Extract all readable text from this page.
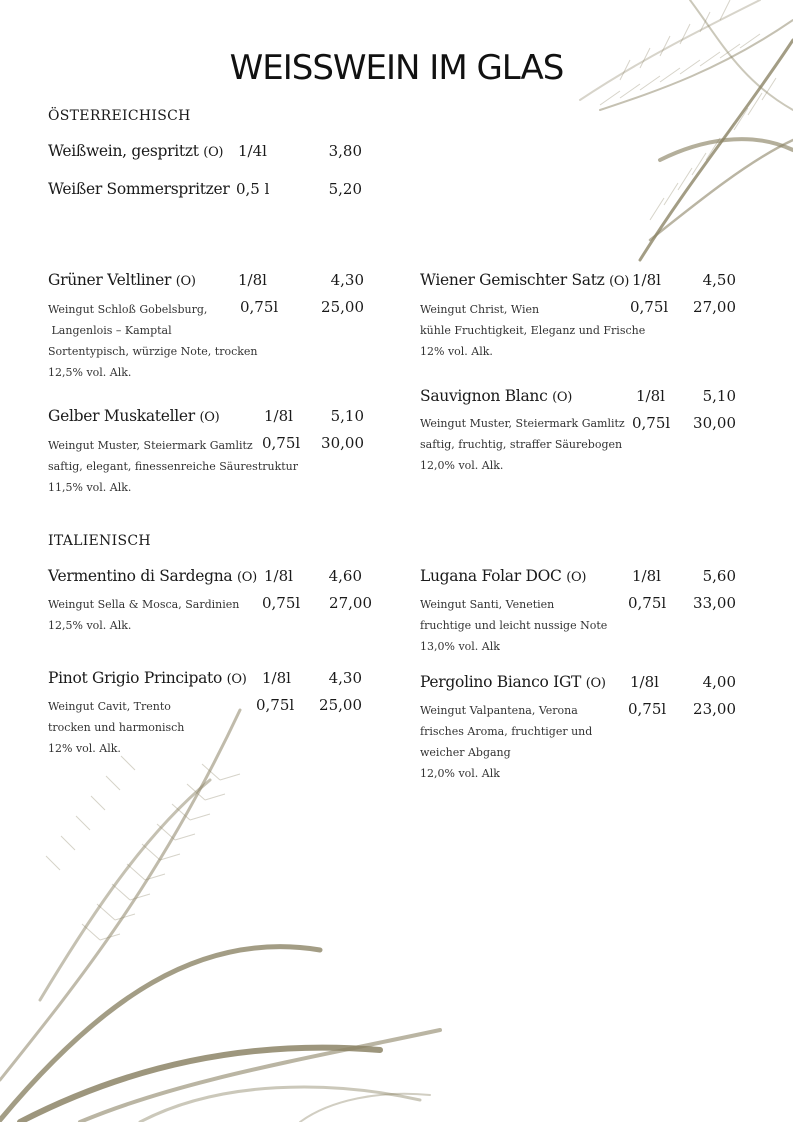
WEISSWEIN IM GLAS
ÖSTERREICHISCH
Weißwein, gespritzt (O) 1/4l	3,80
Weißer Sommerspritzer 0,5 l	5,20
Grüner Veltliner (O)	1/8l	4,30
0,75l	25,00
Weingut Schloß Gobelsburg,
Langenlois – Kamptal
Sortentypisch, würzige Note, trocken
12,5% vol. Alk.
Wiener Gemischter Satz (O) 1/8l	4,50
0,75l	27,00
Weingut Christ, Wien
kühle Fruchtigkeit, Eleganz und Frische
12% vol. Alk.
Sauvignon Blanc (O)	1/8l	5,10
0,75l	30,00
Weingut Muster, Steiermark Gamlitz
saftig, fruchtig, straffer Säurebogen
12,0% vol. Alk.
Gelber Muskateller (O)	1/8l	5,10
0,75l	30,00
Weingut Muster, Steiermark Gamlitz
saftig, elegant, finessenreiche Säurestruktur
11,5% vol. Alk.
ITALIENISCH
Vermentino di Sardegna (O) 1/8l	4,60
0,75l	27,00
Weingut Sella & Mosca, Sardinien
12,5% vol. Alk.
Lugana Folar DOC (O)	1/8l	5,60
0,75l	33,00
Weingut Santi, Venetien
fruchtige und leicht nussige Note
13,0% vol. Alk
Pinot Grigio Principato (O) 1/8l	4,30
0,75l	25,00
Weingut Cavit, Trento
trocken und harmonisch
12% vol. Alk.
Pergolino Bianco IGT (O) 1/8l	4,00
0,75l	23,00
Weingut Valpantena, Verona
frisches Aroma, fruchtiger und
weicher Abgang
12,0% vol. Alk
